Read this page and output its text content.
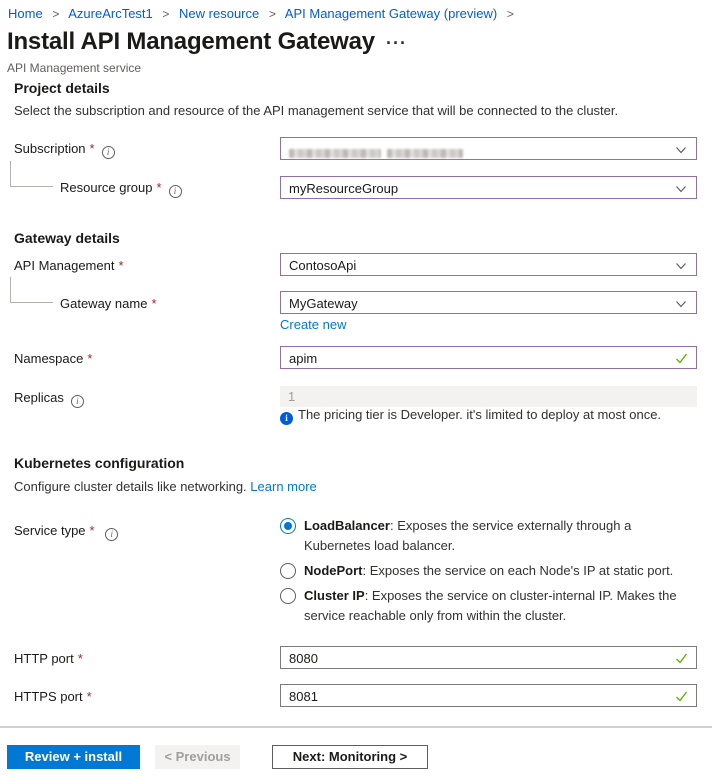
Home > AzureArcTest1 > New resource > API Management Gateway (preview) >
Install API Management Gateway ···
API Management service
Project details
Select the subscription and resource of the API management service that will be connected to the cluster.
Subscription *i
Resource group * i	myResourceGroup
Gateway details
API Management *	ContosoApi
Gateway name *	MyGateway
Create new
Namespace *	apim
Replicas i	1
iThe pricing tier is Developer. it's limited to deploy at most once.
Kubernetes configuration
Configure cluster details like networking. Learn more
Service type * i	LoadBalancer: Exposes the service externally through a Kubernetes load balancer.
NodePort: Exposes the service on each Node's IP at static port.
Cluster IP: Exposes the service on cluster-internal IP. Makes the service reachable only from within the cluster.
HTTP port *	8080
HTTPS port *	8081
Review + install	< Previous	Next: Monitoring >
